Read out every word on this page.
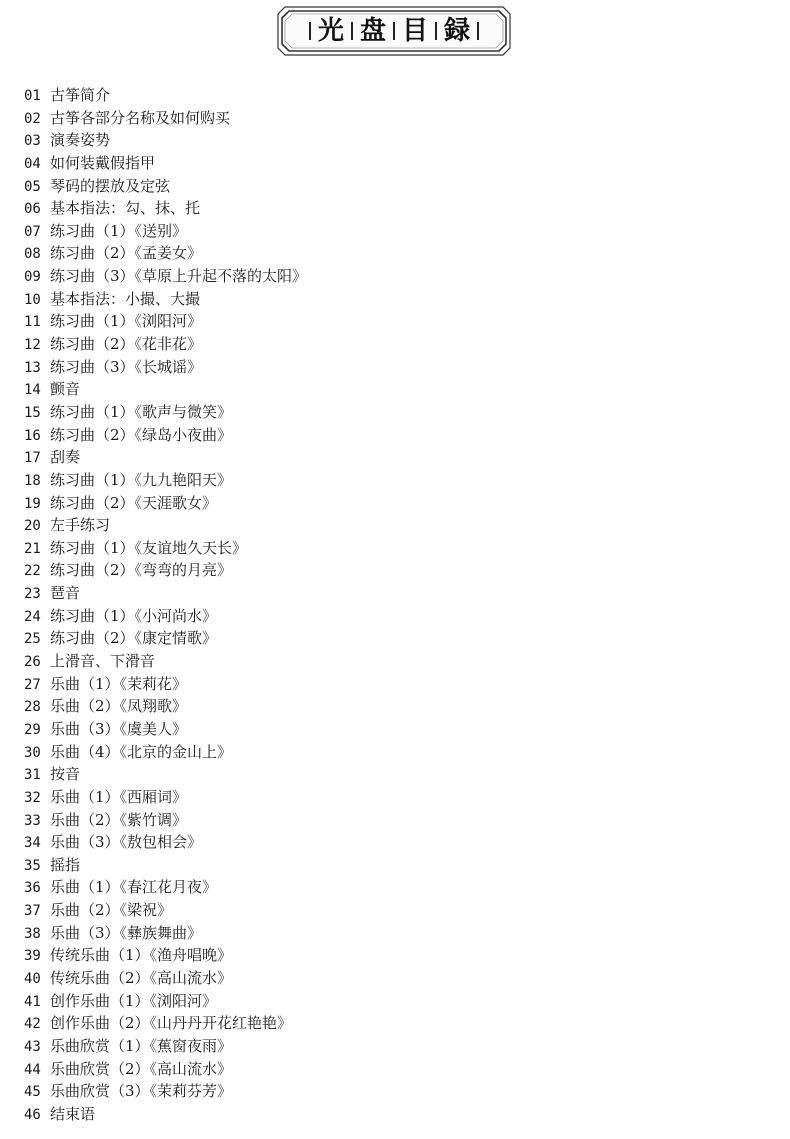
光 盘 目 録
01 古筝简介
02 古筝各部分名称及如何购买
03 演奏姿势
04 如何装戴假指甲
05 琴码的摆放及定弦
06 基本指法：勾、抹、托
07 练习曲（1）《送别》
08 练习曲（2）《孟姜女》
09 练习曲（3）《草原上升起不落的太阳》
10 基本指法：小撮、大撮
11 练习曲（1）《浏阳河》
12 练习曲（2）《花非花》
13 练习曲（3）《长城谣》
14 颤音
15 练习曲（1）《歌声与微笑》
16 练习曲（2）《绿岛小夜曲》
17 刮奏
18 练习曲（1）《九九艳阳天》
19 练习曲（2）《天涯歌女》
20 左手练习
21 练习曲（1）《友谊地久天长》
22 练习曲（2）《弯弯的月亮》
23 琶音
24 练习曲（1）《小河尚水》
25 练习曲（2）《康定情歌》
26 上滑音、下滑音
27 乐曲（1）《茉莉花》
28 乐曲（2）《凤翔歌》
29 乐曲（3）《虞美人》
30 乐曲（4）《北京的金山上》
31 按音
32 乐曲（1）《西厢词》
33 乐曲（2）《紫竹调》
34 乐曲（3）《敖包相会》
35 摇指
36 乐曲（1）《春江花月夜》
37 乐曲（2）《梁祝》
38 乐曲（3）《彝族舞曲》
39 传统乐曲（1）《渔舟唱晚》
40 传统乐曲（2）《高山流水》
41 创作乐曲（1）《浏阳河》
42 创作乐曲（2）《山丹丹开花红艳艳》
43 乐曲欣赏（1）《蕉窗夜雨》
44 乐曲欣赏（2）《高山流水》
45 乐曲欣赏（3）《茉莉芬芳》
46 结束语
